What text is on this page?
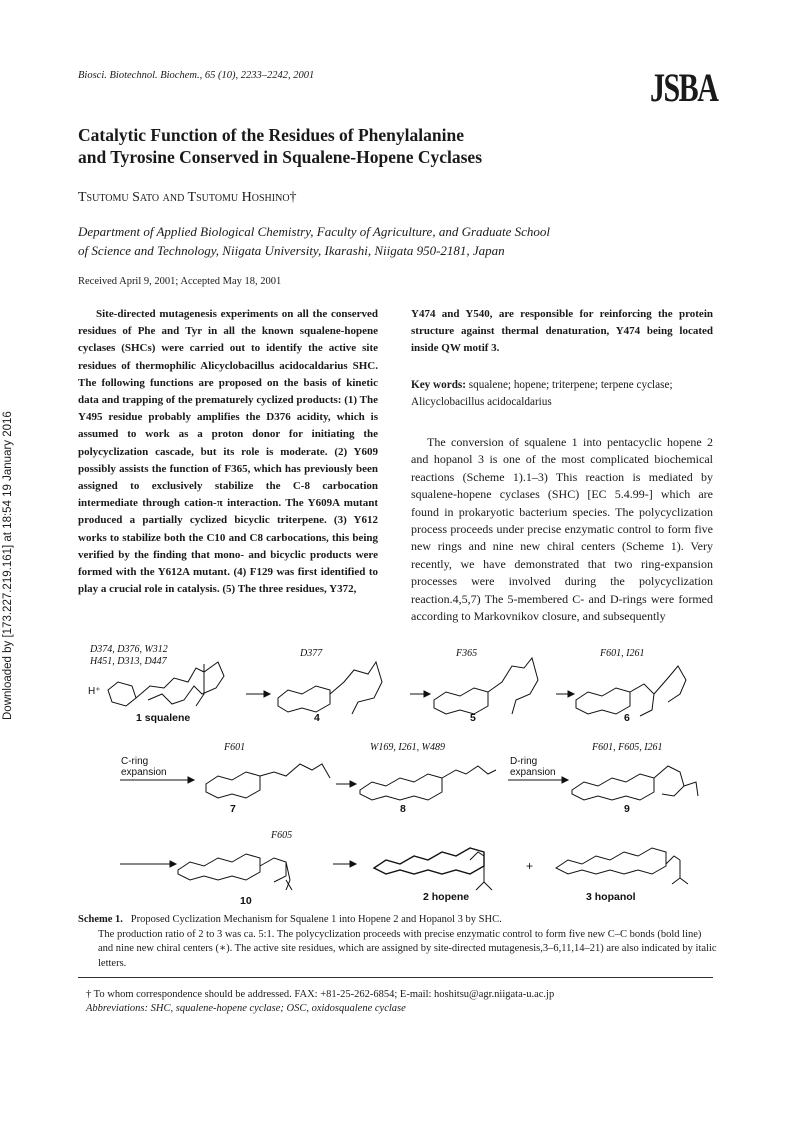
Biosci. Biotechnol. Biochem., 65 (10), 2233–2242, 2001	JSBA
Catalytic Function of the Residues of Phenylalanine
and Tyrosine Conserved in Squalene-Hopene Cyclases
Tsutomu Sato and Tsutomu Hoshino†
Department of Applied Biological Chemistry, Faculty of Agriculture, and Graduate School
of Science and Technology, Niigata University, Ikarashi, Niigata 950-2181, Japan
Received April 9, 2001; Accepted May 18, 2001
Site-directed mutagenesis experiments on all the conserved residues of Phe and Tyr in all the known squalene-hopene cyclases (SHCs) were carried out to identify the active site residues of thermophilic Alicyclobacillus acidocaldarius SHC. The following functions are proposed on the basis of kinetic data and trapping of the prematurely cyclized products: (1) The Y495 residue probably amplifies the D376 acidity, which is assumed to work as a proton donor for initiating the polycyclization cascade, but its role is moderate. (2) Y609 possibly assists the function of F365, which has previously been assigned to exclusively stabilize the C-8 carbocation intermediate through cation-π interaction. The Y609A mutant produced a partially cyclized bicyclic triterpene. (3) Y612 works to stabilize both the C10 and C8 carbocations, this being verified by the finding that mono- and bicyclic products were formed with the Y612A mutant. (4) F129 was first identified to play a crucial role in catalysis. (5) The three residues, Y372,
Y474 and Y540, are responsible for reinforcing the protein structure against thermal denaturation, Y474 being located inside QW motif 3.
Key words: squalene; hopene; triterpene; terpene cyclase; Alicyclobacillus acidocaldarius
The conversion of squalene 1 into pentacyclic hopene 2 and hopanol 3 is one of the most complicated biochemical reactions (Scheme 1).1–3) This reaction is mediated by squalene-hopene cyclases (SHC) [EC 5.4.99-] which are found in prokaryotic bacterium species. The polycyclization process proceeds under precise enzymatic control to form five new rings and nine new chiral centers (Scheme 1). Very recently, we have demonstrated that two ring-expansion processes were involved during the polycyclization reaction.4,5,7) The 5-membered C- and D-rings were formed according to Markovnikov closure, and subsequently
Downloaded by [173.227.219.161] at 18:54 19 January 2016	D374, D376, W312
H451, D313, D447
D377	F365	F601, I261
F601	W169, I261, W489	F601, F605, I261
F605
1 squalene	4	5	6
7	8	9
10	2 hopene	3 hopanol
C-ring
expansion
D-ring
expansion
H⁺
+
Scheme 1. Proposed Cyclization Mechanism for Squalene 1 into Hopene 2 and Hopanol 3 by SHC.
The production ratio of 2 to 3 was ca. 5:1. The polycyclization proceeds with precise enzymatic control to form five new C–C bonds (bold line) and nine new chiral centers (∗). The active site residues, which are assigned by site-directed mutagenesis,3–6,11,14–21) are also indicated by italic letters.
† To whom correspondence should be addressed. FAX: +81-25-262-6854; E-mail: hoshitsu@agr.niigata-u.ac.jp
Abbreviations: SHC, squalene-hopene cyclase; OSC, oxidosqualene cyclase
